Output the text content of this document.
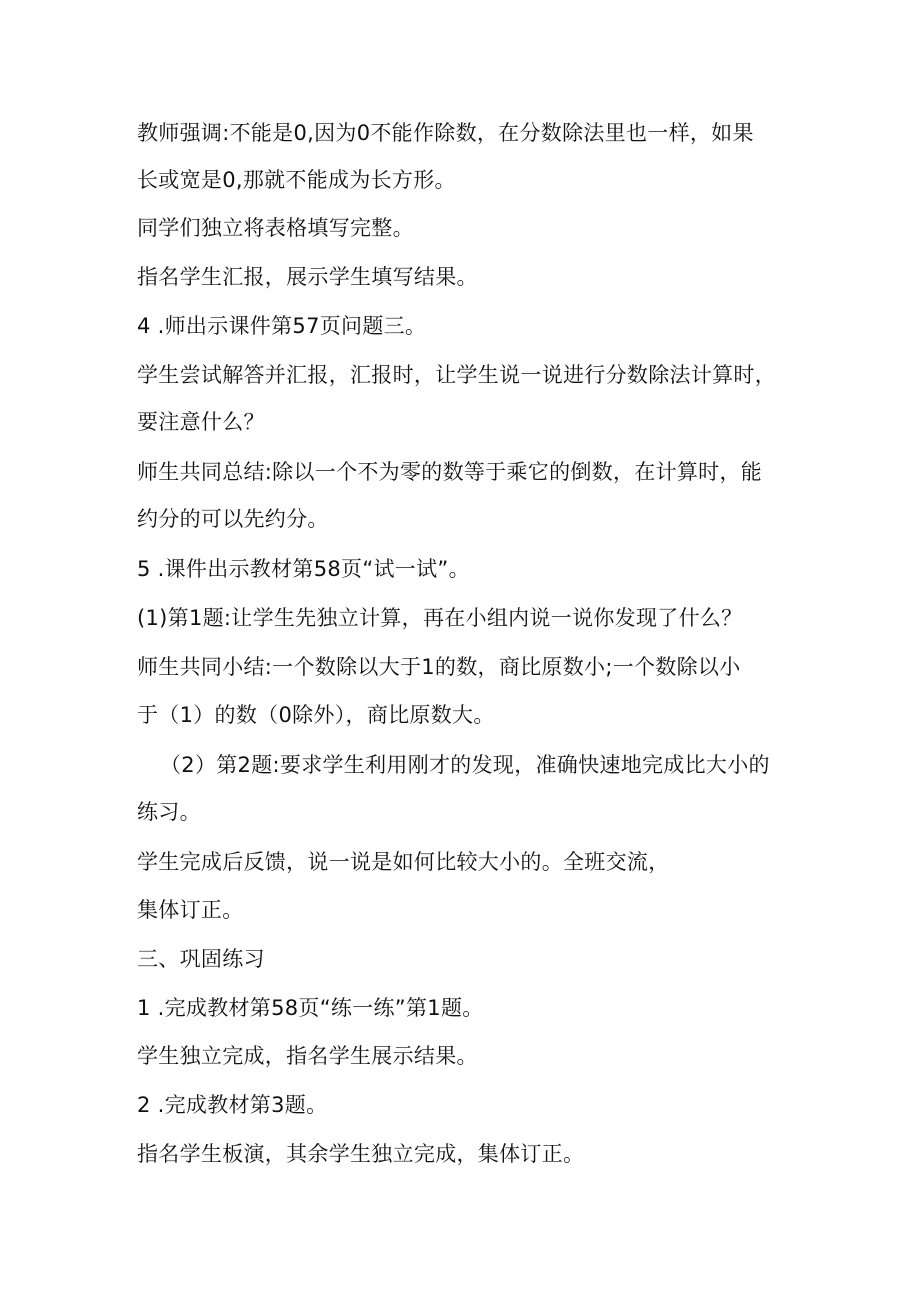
教师强调:不能是0,因为0不能作除数，在分数除法里也一样，如果
长或宽是0,那就不能成为长方形。
同学们独立将表格填写完整。
指名学生汇报，展示学生填写结果。
4 .师出示课件第57页问题三。
学生尝试解答并汇报，汇报时，让学生说一说进行分数除法计算时，
要注意什么？
师生共同总结:除以一个不为零的数等于乘它的倒数，在计算时，能
约分的可以先约分。
5 .课件出示教材第58页“试一试”。
(1)第1题:让学生先独立计算，再在小组内说一说你发现了什么？
师生共同小结:一个数除以大于1的数，商比原数小;一个数除以小
于（1）的数（0除外），商比原数大。
（2）第2题:要求学生利用刚才的发现，准确快速地完成比大小的
练习。
学生完成后反馈，说一说是如何比较大小的。全班交流，
集体订正。
三、巩固练习
1 .完成教材第58页“练一练”第1题。
学生独立完成，指名学生展示结果。
2 .完成教材第3题。
指名学生板演，其余学生独立完成，集体订正。
